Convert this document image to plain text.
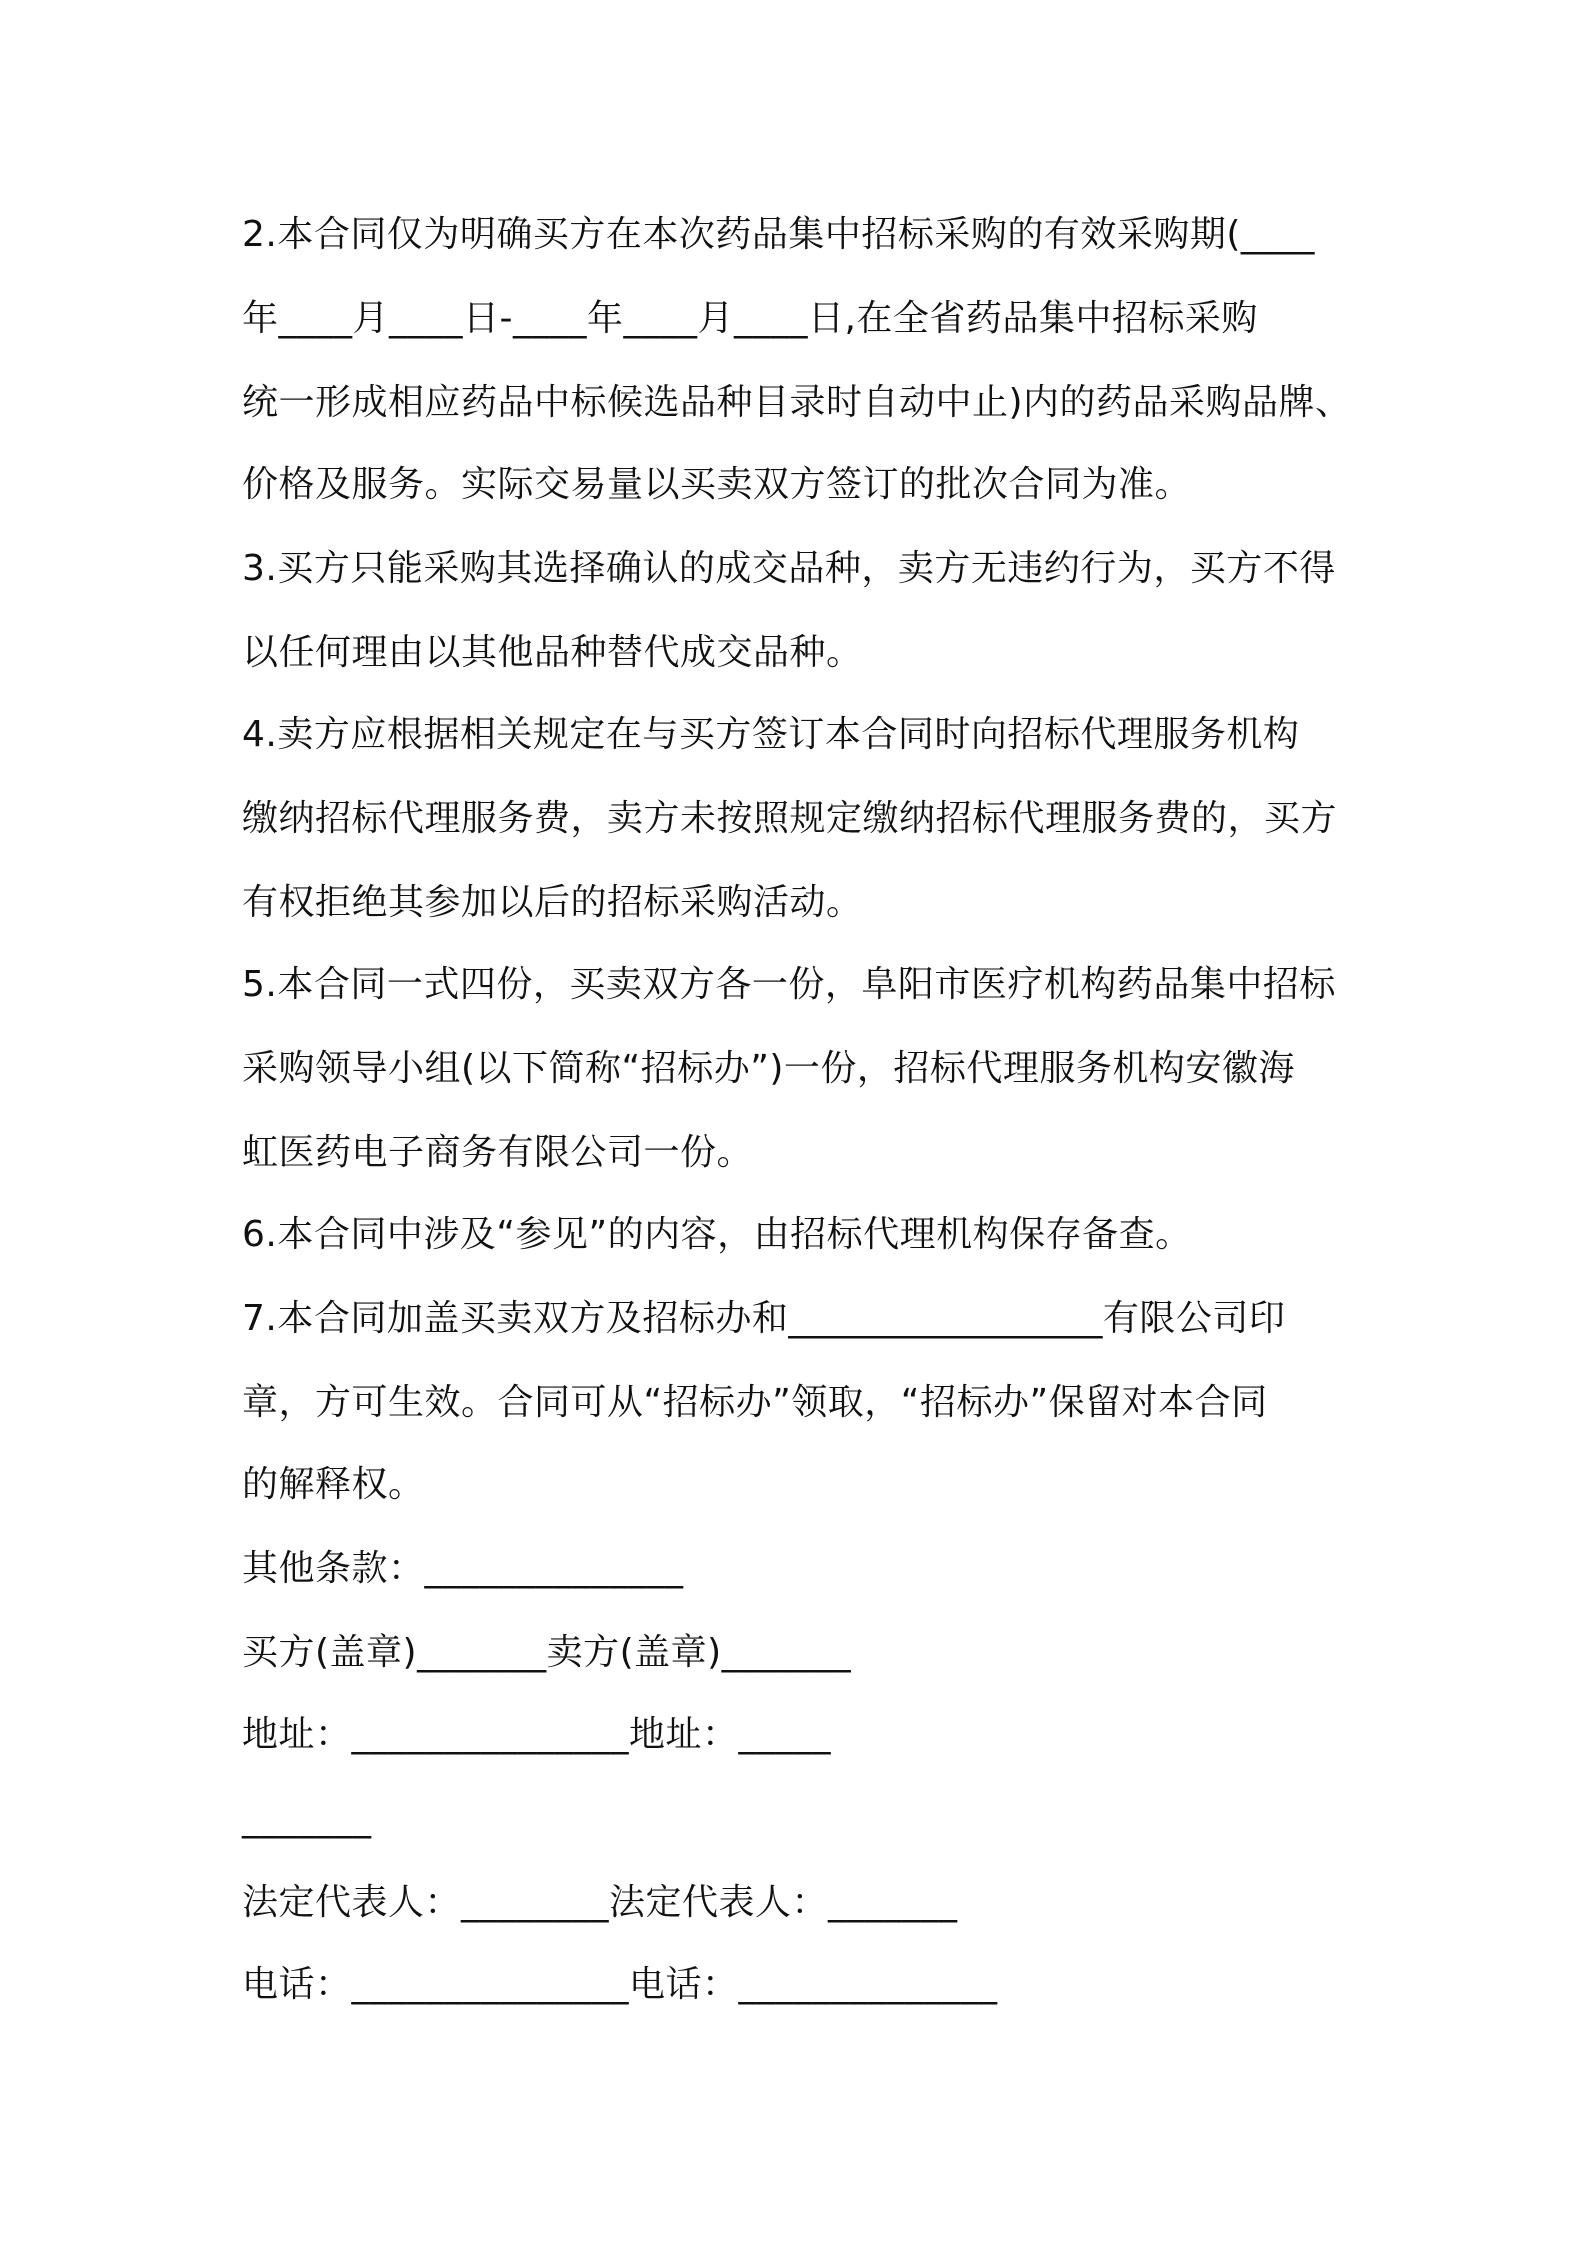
2.本合同仅为明确买方在本次药品集中招标采购的有效采购期(____
年____月____日-____年____月____日,在全省药品集中招标采购
统一形成相应药品中标候选品种目录时自动中止)内的药品采购品牌、
价格及服务。实际交易量以买卖双方签订的批次合同为准。
3.买方只能采购其选择确认的成交品种，卖方无违约行为，买方不得
以任何理由以其他品种替代成交品种。
4.卖方应根据相关规定在与买方签订本合同时向招标代理服务机构
缴纳招标代理服务费，卖方未按照规定缴纳招标代理服务费的，买方
有权拒绝其参加以后的招标采购活动。
5.本合同一式四份，买卖双方各一份，阜阳市医疗机构药品集中招标
采购领导小组(以下简称“招标办”)一份，招标代理服务机构安徽海
虹医药电子商务有限公司一份。
6.本合同中涉及“参见”的内容，由招标代理机构保存备查。
7.本合同加盖买卖双方及招标办和_________________有限公司印
章，方可生效。合同可从“招标办”领取，“招标办”保留对本合同
的解释权。
其他条款：______________
买方(盖章)_______卖方(盖章)_______
地址：_______________地址：_____
_______
法定代表人：________法定代表人：_______
电话：_______________电话：______________
